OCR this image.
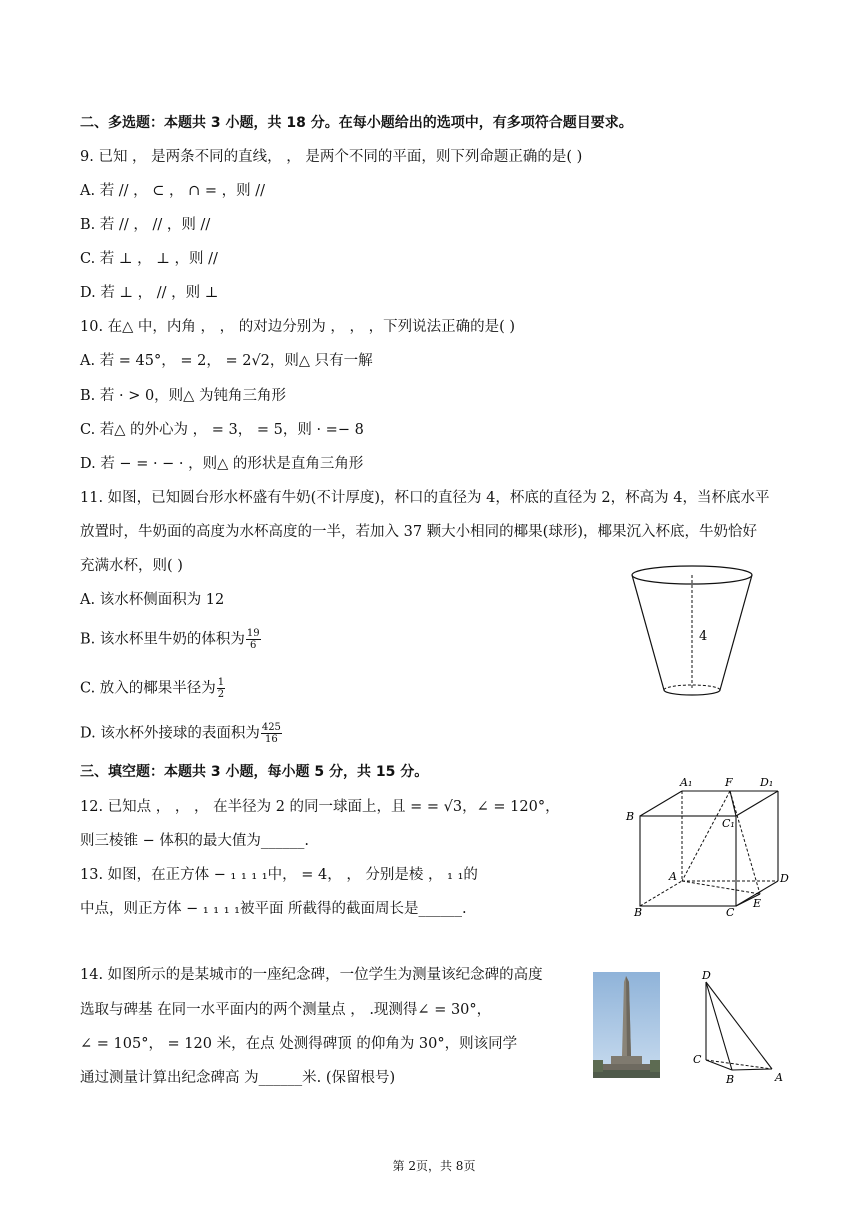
二、多选题：本题共 3 小题，共 18 分。在每小题给出的选项中，有多项符合题目要求。
9. 已知 ， 是两条不同的直线， ， 是两个不同的平面，则下列命题正确的是( )
A. 若 // ， ⊂ ， ∩ = ，则 //
B. 若 // ， // ，则 //
C. 若 ⊥ ， ⊥ ，则 //
D. 若 ⊥ ， // ，则 ⊥
10. 在△ 中，内角 ， ， 的对边分别为 ， ， ，下列说法正确的是( )
A. 若 = 45°， = 2， = 2√2，则△ 只有一解
B. 若 · > 0，则△ 为钝角三角形
C. 若△ 的外心为 ， = 3， = 5，则 · =− 8
D. 若 − = · − · ，则△ 的形状是直角三角形
11. 如图，已知圆台形水杯盛有牛奶(不计厚度)，杯口的直径为 4，杯底的直径为 2，杯高为 4，当杯底水平
放置时，牛奶面的高度为水杯高度的一半，若加入 37 颗大小相同的椰果(球形)，椰果沉入杯底，牛奶恰好
充满水杯，则( )
A. 该水杯侧面积为 12
B. 该水杯里牛奶的体积为 $\frac{19}{6}$
C. 放入的椰果半径为 $\frac{1}{2}$
D. 该水杯外接球的表面积为 $\frac{425}{16}$
4
三、填空题：本题共 3 小题，每小题 5 分，共 15 分。
12. 已知点 ， ， ， 在半径为 2 的同一球面上，且 = = √3，∠ = 120°，
则三棱锥 − 体积的最大值为______.
13. 如图，在正方体 − ₁ ₁ ₁ ₁中， = 4， ， 分别是棱 ， ₁ ₁的
中点，则正方体 − ₁ ₁ ₁ ₁被平面 所截得的截面周长是______.
A₁	F D₁
B
C₁
A	D
E
B	C
14. 如图所示的是某城市的一座纪念碑，一位学生为测量该纪念碑的高度
选取与碑基 在同一水平面内的两个测量点 ， .现测得∠ = 30°，
∠ = 105°， = 120 米，在点 处测得碑顶 的仰角为 30°，则该同学
通过测量计算出纪念碑高 为______米. (保留根号)
D
C
B	A
第 2页，共 8页
